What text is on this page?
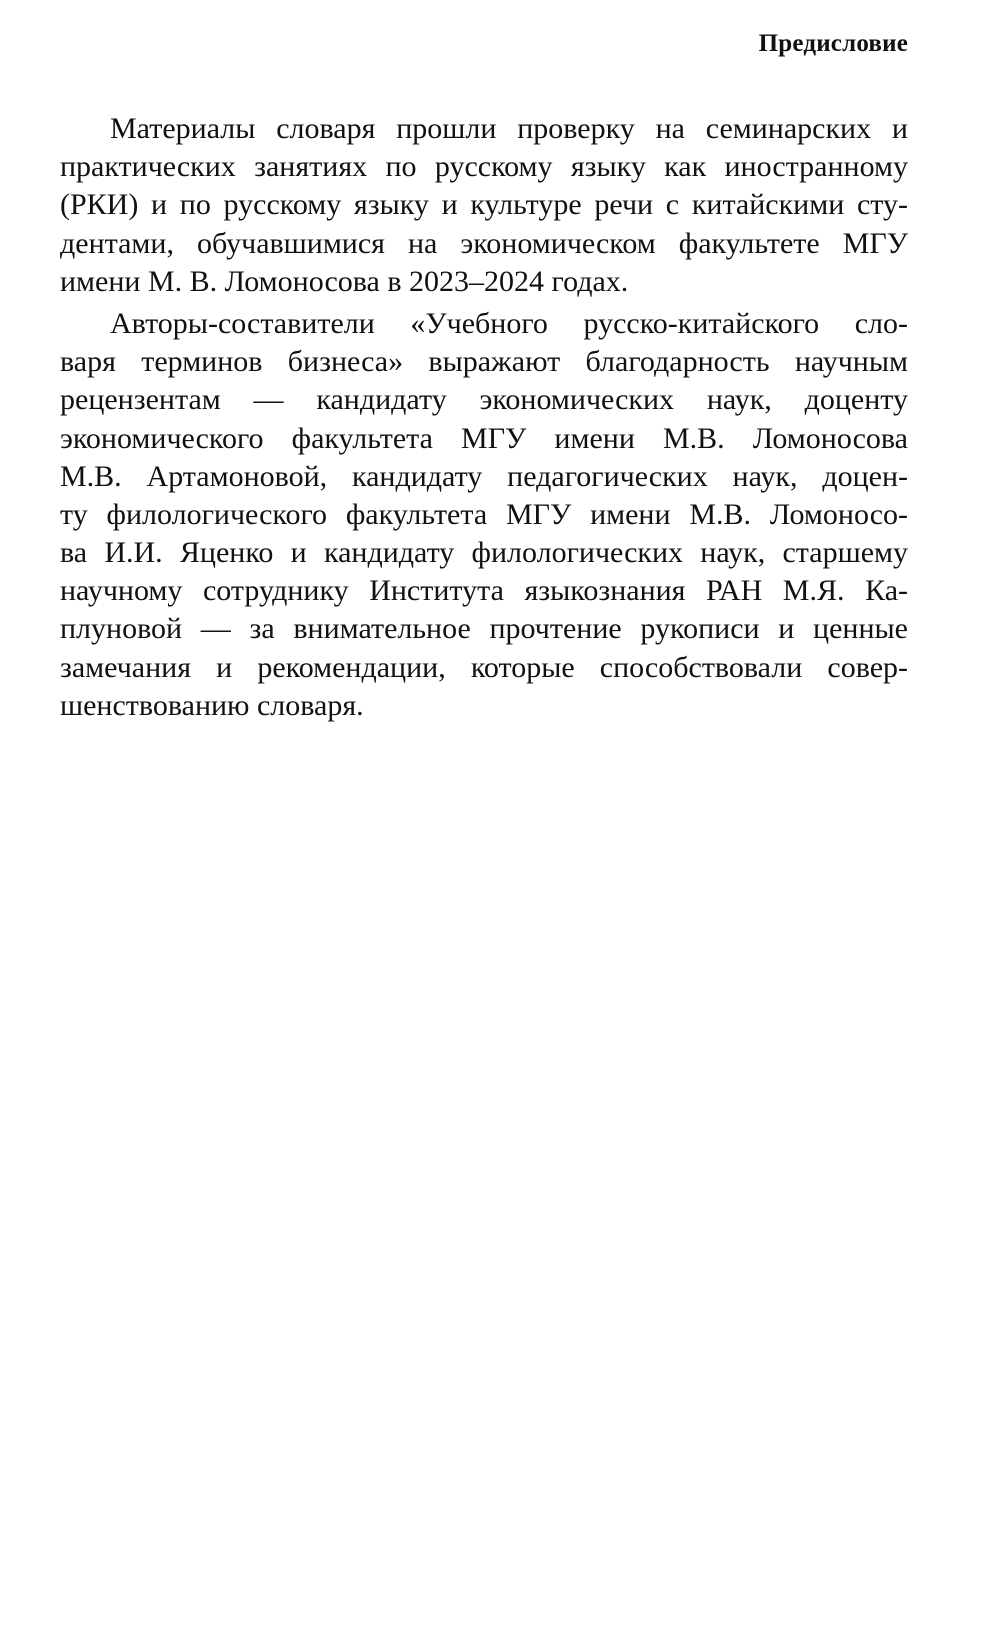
Предисловие

Материалы словаря прошли проверку на семинарских и
практических занятиях по русскому языку как иностранному
(РКИ) и по русскому языку и культуре речи с китайскими сту-
дентами, обучавшимися на экономическом факультете МГУ
имени М. В. Ломоносова в 2023–2024 годах.

Авторы-составители «Учебного русско-китайского сло-
варя терминов бизнеса» выражают благодарность научным
рецензентам — кандидату экономических наук, доценту
экономического факультета МГУ имени М.В. Ломоносова
М.В. Артамоновой, кандидату педагогических наук, доцен-
ту филологического факультета МГУ имени М.В. Ломоносо-
ва И.И. Яценко и кандидату филологических наук, старшему
научному сотруднику Института языкознания РАН М.Я. Ка-
плуновой — за внимательное прочтение рукописи и ценные
замечания и рекомендации, которые способствовали совер-
шенствованию словаря.
